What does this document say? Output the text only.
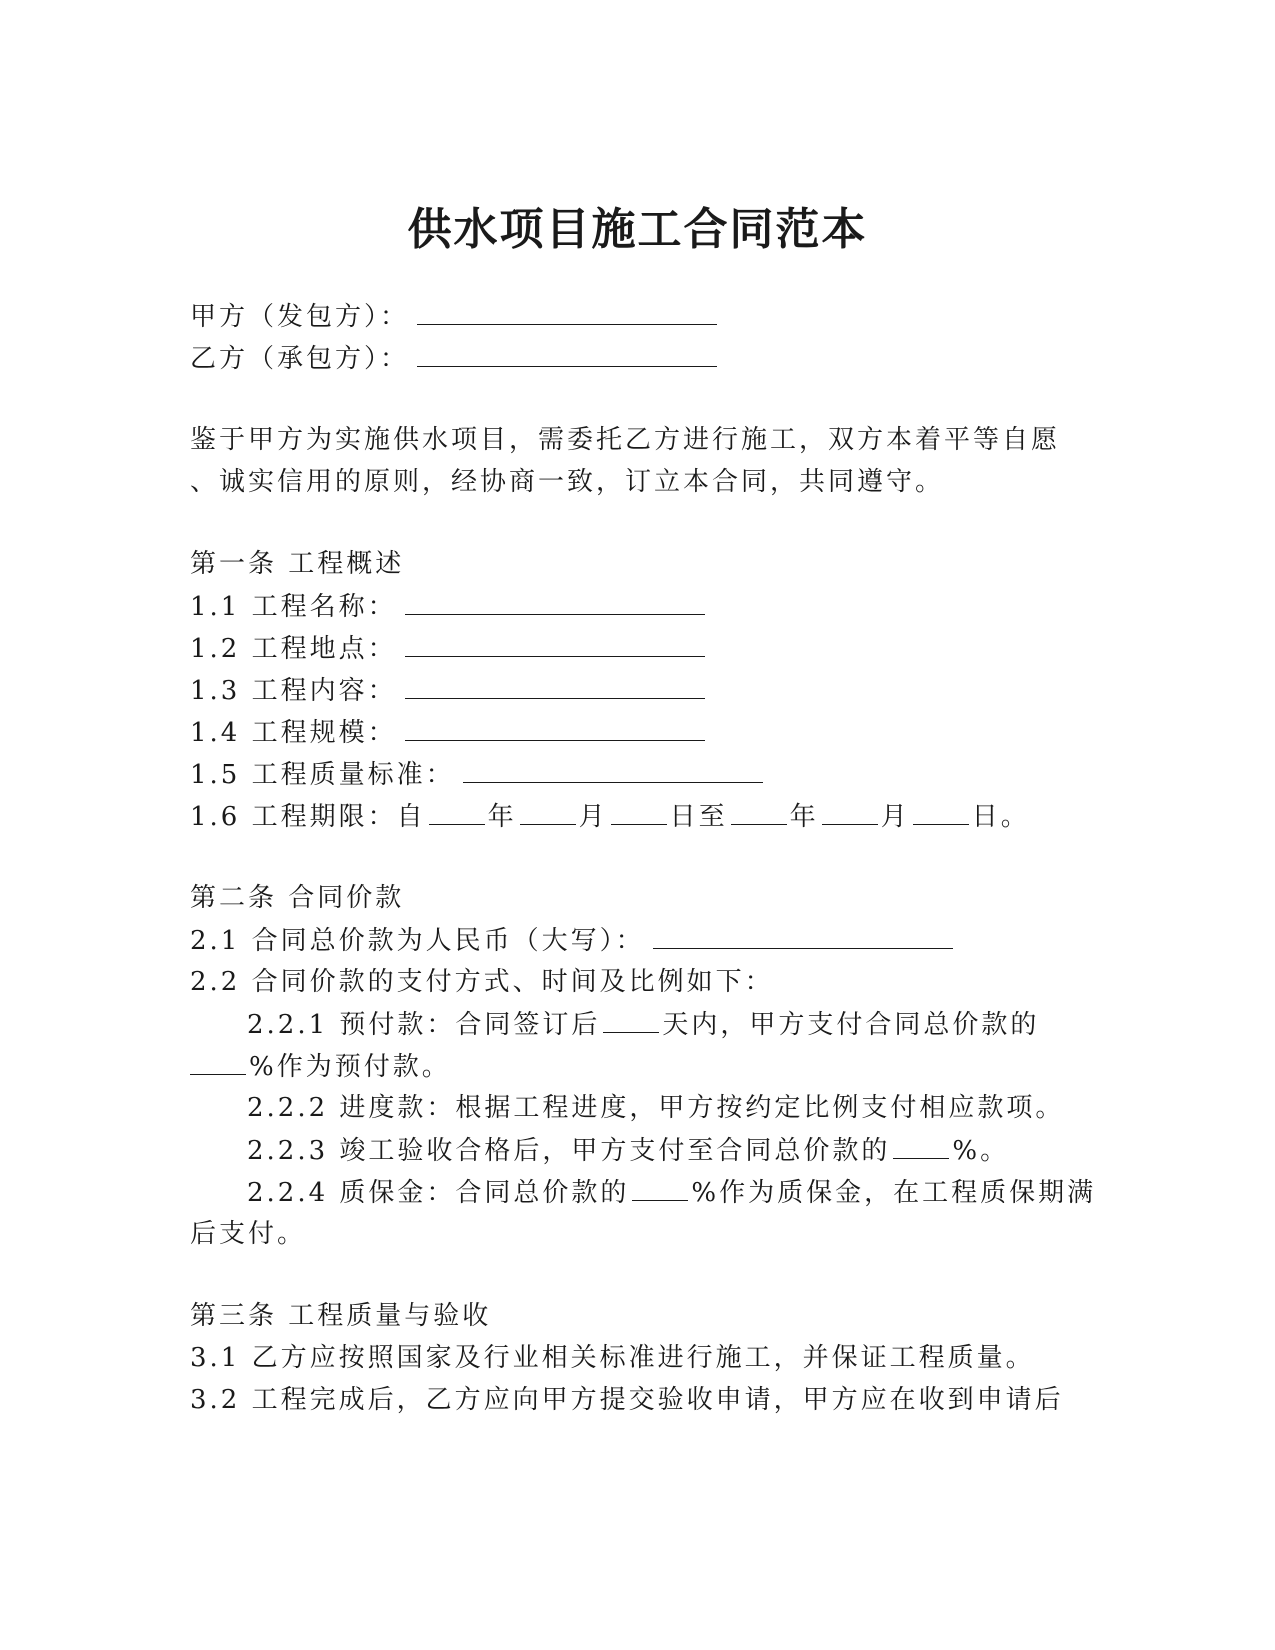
供水项目施工合同范本
甲方（发包方）：
乙方（承包方）：
鉴于甲方为实施供水项目，需委托乙方进行施工，双方本着平等自愿
、诚实信用的原则，经协商一致，订立本合同，共同遵守。
第一条 工程概述
1.1 工程名称：
1.2 工程地点：
1.3 工程内容：
1.4 工程规模：
1.5 工程质量标准：
1.6 工程期限：自 年 月 日至 年 月 日。
第二条 合同价款
2.1 合同总价款为人民币（大写）：
2.2 合同价款的支付方式、时间及比例如下：
2.2.1 预付款：合同签订后 天内，甲方支付合同总价款的
%作为预付款。
2.2.2 进度款：根据工程进度，甲方按约定比例支付相应款项。
2.2.3 竣工验收合格后，甲方支付至合同总价款的 %。
2.2.4 质保金：合同总价款的 %作为质保金，在工程质保期满
后支付。
第三条 工程质量与验收
3.1 乙方应按照国家及行业相关标准进行施工，并保证工程质量。
3.2 工程完成后，乙方应向甲方提交验收申请，甲方应在收到申请后
